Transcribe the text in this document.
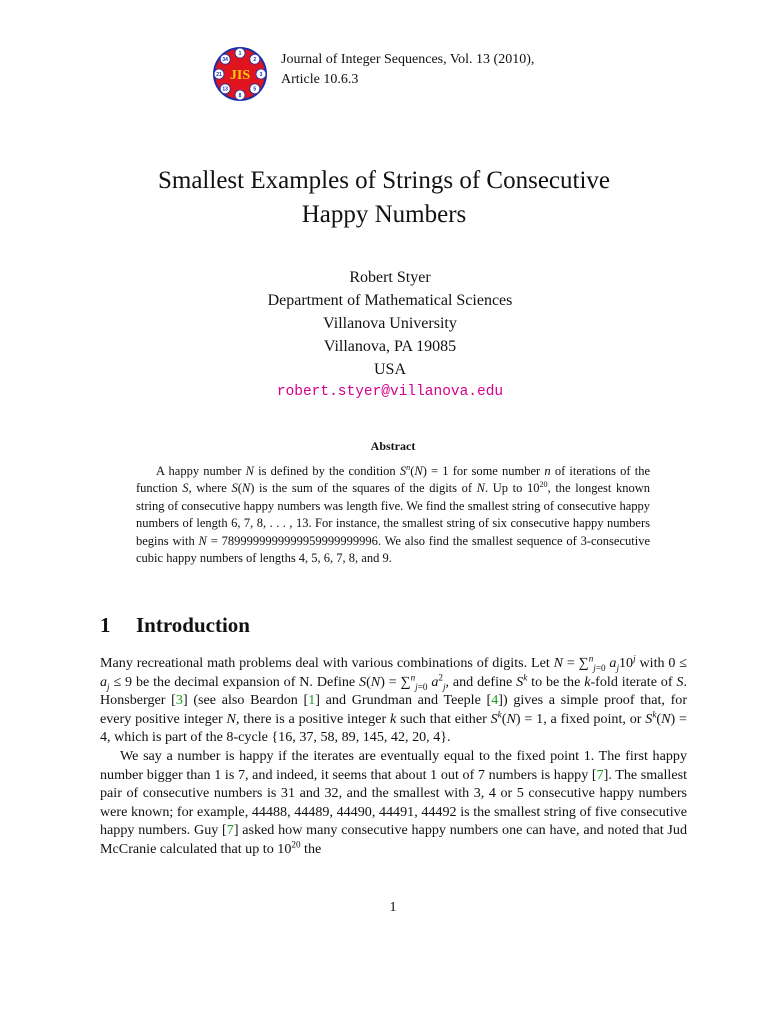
1
2
3
5
8
13
21
34
JIS
Journal of Integer Sequences, Vol. 13 (2010),
Article 10.6.3
Smallest Examples of Strings of Consecutive
Happy Numbers
Robert Styer
Department of Mathematical Sciences
Villanova University
Villanova, PA 19085
USA
robert.styer@villanova.edu
Abstract
A happy number N is defined by the condition $S^n(N) = 1$ for some number n of iterations of the function S, where S(N) is the sum of the squares of the digits of N. Up to $10^{20}$, the longest known string of consecutive happy numbers was length five. We find the smallest string of consecutive happy numbers of length 6, 7, 8, . . . , 13. For instance, the smallest string of six consecutive happy numbers begins with N = 7899999999999959999999996. We also find the smallest sequence of 3-consecutive cubic happy numbers of lengths 4, 5, 6, 7, 8, and 9.
1 Introduction

Many recreational math problems deal with various combinations of digits. Let N = ∑$^n_{j=0}$ $a_j10^j$ with $0 \le a_j \le 9$ be the decimal expansion of N. Define S(N) = ∑$^n_{j=0}$ $a^2_j$, and define $S^k$ to be the k-fold iterate of S. Honsberger [3] (see also Beardon [1] and Grundman and Teeple [4]) gives a simple proof that, for every positive integer N, there is a positive integer k such that either $S^k(N) = 1$, a fixed point, or $S^k(N) = 4$, which is part of the 8-cycle {16, 37, 58, 89, 145, 42, 20, 4}.

We say a number is happy if the iterates are eventually equal to the fixed point 1. The first happy number bigger than 1 is 7, and indeed, it seems that about 1 out of 7 numbers is happy [7]. The smallest pair of consecutive numbers is 31 and 32, and the smallest with 3, 4 or 5 consecutive happy numbers were known; for example, 44488, 44489, 44490, 44491, 44492 is the smallest string of five consecutive happy numbers. Guy [7] asked how many consecutive happy numbers one can have, and noted that Jud McCranie calculated that up to $10^{20}$ the

1
